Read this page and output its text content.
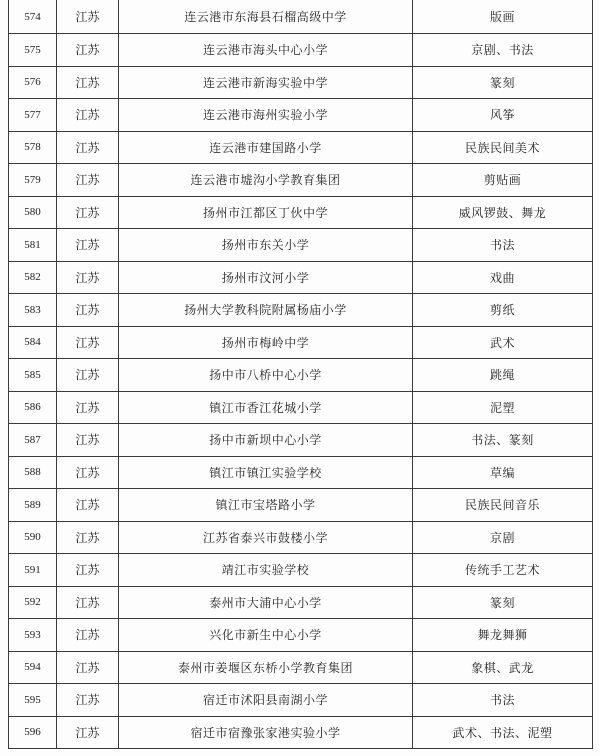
574	江苏	连云港市东海县石榴高级中学	版画
575	江苏	连云港市海头中心小学	京剧、书法
576	江苏	连云港市新海实验中学	篆刻
577	江苏	连云港市海州实验小学	风筝
578	江苏	连云港市建国路小学	民族民间美术
579	江苏	连云港市墟沟小学教育集团	剪贴画
580	江苏	扬州市江都区丁伙中学	威风锣鼓、舞龙
581	江苏	扬州市东关小学	书法
582	江苏	扬州市汶河小学	戏曲
583	江苏	扬州大学教科院附属杨庙小学	剪纸
584	江苏	扬州市梅岭中学	武术
585	江苏	扬中市八桥中心小学	跳绳
586	江苏	镇江市香江花城小学	泥塑
587	江苏	扬中市新坝中心小学	书法、篆刻
588	江苏	镇江市镇江实验学校	草编
589	江苏	镇江市宝塔路小学	民族民间音乐
590	江苏	江苏省泰兴市鼓楼小学	京剧
591	江苏	靖江市实验学校	传统手工艺术
592	江苏	泰州市大浦中心小学	篆刻
593	江苏	兴化市新生中心小学	舞龙舞狮
594	江苏	泰州市姜堰区东桥小学教育集团	象棋、武龙
595	江苏	宿迁市沭阳县南湖小学	书法
596	江苏	宿迁市宿豫张家港实验小学	武术、书法、泥塑
